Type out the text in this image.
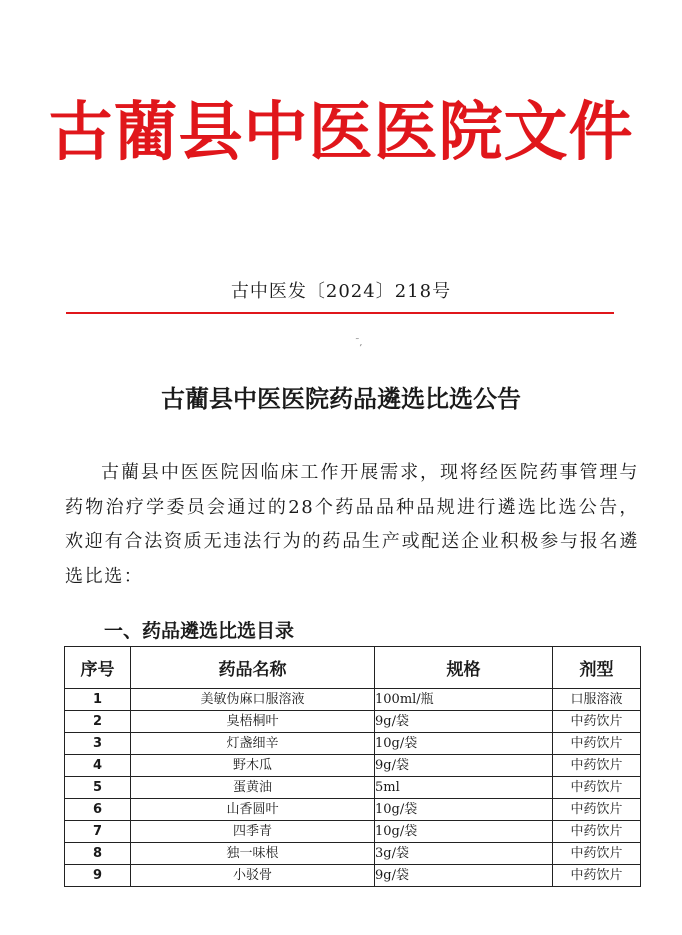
古藺县中医医院文件
古中医发〔2024〕218号
˜,
古藺县中医医院药品遴选比选公告
古藺县中医医院因临床工作开展需求，现将经医院药事管理与药物治疗学委员会通过的28个药品品种品规进行遴选比选公告，欢迎有合法资质无违法行为的药品生产或配送企业积极参与报名遴选比选：
一、药品遴选比选目录
序号	药品名称	规格	剂型
1	美敏伪麻口服溶液	100ml/瓶	口服溶液
2	臭梧桐叶	9g/袋	中药饮片
3	灯盏细辛	10g/袋	中药饮片
4	野木瓜	9g/袋	中药饮片
5	蛋黄油	5ml	中药饮片
6	山香圆叶	10g/袋	中药饮片
7	四季青	10g/袋	中药饮片
8	独一味根	3g/袋	中药饮片
9	小驳骨	9g/袋	中药饮片
